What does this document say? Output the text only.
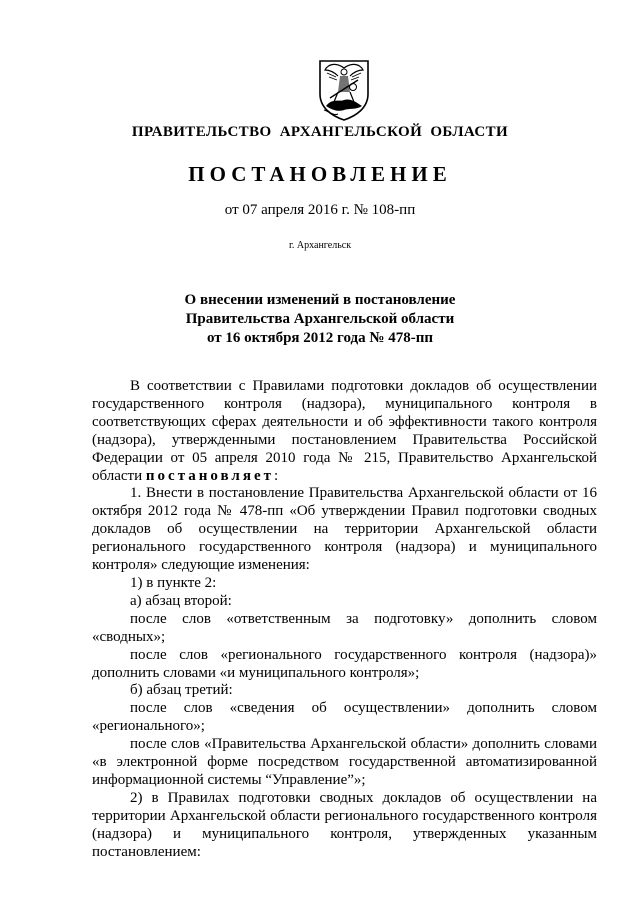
ПРАВИТЕЛЬСТВО АРХАНГЕЛЬСКОЙ ОБЛАСТИ
ПОСТАНОВЛЕНИЕ
от 07 апреля 2016 г. № 108-пп
г. Архангельск
О внесении изменений в постановление
Правительства Архангельской области
от 16 октября 2012 года № 478-пп

В соответствии с Правилами подготовки докладов об осуществлении государственного контроля (надзора), муниципального контроля в соответствующих сферах деятельности и об эффективности такого контроля (надзора), утвержденными постановлением Правительства Российской Федерации от 05 апреля 2010 года № 215, Правительство Архангельской области постановляет:

1. Внести в постановление Правительства Архангельской области от 16 октября 2012 года № 478-пп «Об утверждении Правил подготовки сводных докладов об осуществлении на территории Архангельской области регионального государственного контроля (надзора) и муниципального контроля» следующие изменения:

1) в пункте 2:

а) абзац второй:

после слов «ответственным за подготовку» дополнить словом «сводных»;

после слов «регионального государственного контроля (надзора)» дополнить словами «и муниципального контроля»;

б) абзац третий:

после слов «сведения об осуществлении» дополнить словом «регионального»;

после слов «Правительства Архангельской области» дополнить словами «в электронной форме посредством государственной автоматизированной информационной системы “Управление”»;

2) в Правилах подготовки сводных докладов об осуществлении на территории Архангельской области регионального государственного контроля (надзора) и муниципального контроля, утвержденных указанным постановлением:
